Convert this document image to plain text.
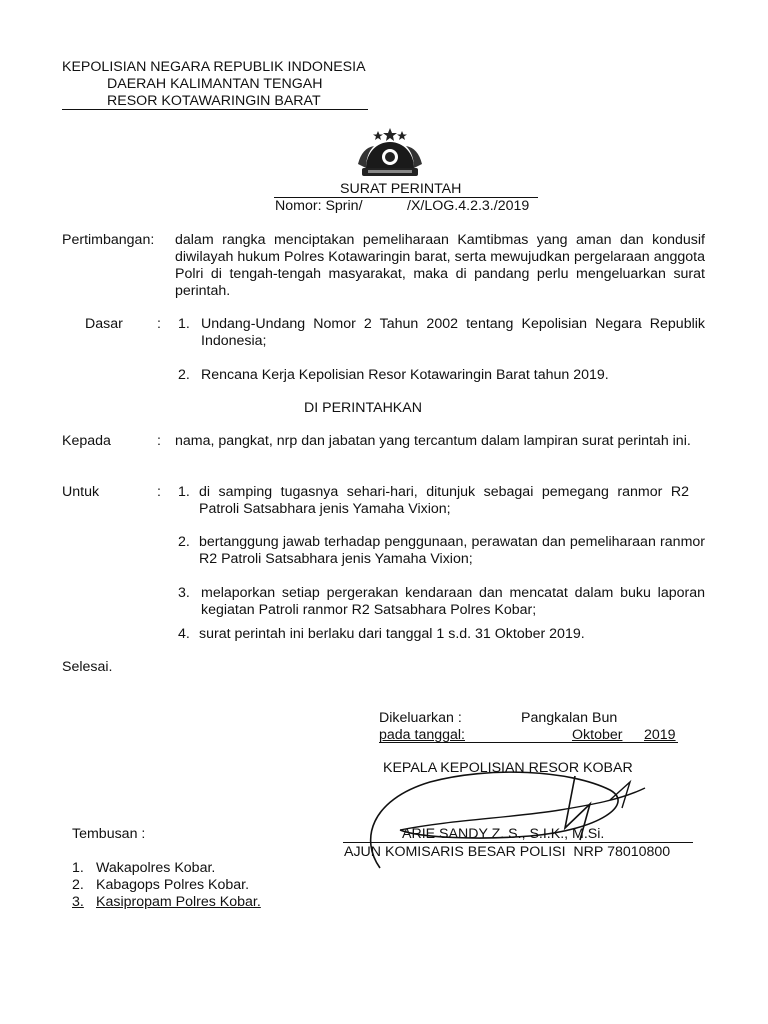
KEPOLISIAN NEGARA REPUBLIK INDONESIA
DAERAH KALIMANTAN TENGAH
RESOR KOTAWARINGIN BARAT
SURAT PERINTAH
Nomor: Sprin/	/X/LOG.4.2.3./2019
Pertimbangan: dalam rangka menciptakan pemeliharaan Kamtibmas yang aman dan kondusif diwilayah hukum Polres Kotawaringin barat, serta mewujudkan pergelaraan anggota Polri di tengah-tengah masyarakat, maka di pandang perlu mengeluarkan surat perintah.
Dasar : 1. Undang-Undang Nomor 2 Tahun 2002 tentang Kepolisian Negara Republik Indonesia;
2. Rencana Kerja Kepolisian Resor Kotawaringin Barat tahun 2019.
DI PERINTAHKAN
Kepada	: nama, pangkat, nrp dan jabatan yang tercantum dalam lampiran surat perintah ini.
Untuk	: 1. di samping tugasnya sehari-hari, ditunjuk sebagai pemegang ranmor R2 Patroli Satsabhara jenis Yamaha Vixion;
2. bertanggung jawab terhadap penggunaan, perawatan dan pemeliharaan ranmor R2 Patroli Satsabhara jenis Yamaha Vixion;
3. melaporkan setiap pergerakan kendaraan dan mencatat dalam buku laporan kegiatan Patroli ranmor R2 Satsabhara Polres Kobar;
4. surat perintah ini berlaku dari tanggal 1 s.d. 31 Oktober 2019.
Selesai.
Dikeluarkan :	Pangkalan Bun
pada tanggal:	Oktober 2019
KEPALA KEPOLISIAN RESOR KOBAR
ARIE SANDY Z. S., S.I.K., M.Si.
AJUN KOMISARIS BESAR POLISI  NRP 78010800
Tembusan :
1. Wakapolres Kobar.
2. Kabagops Polres Kobar.
3. Kasipropam Polres Kobar.
